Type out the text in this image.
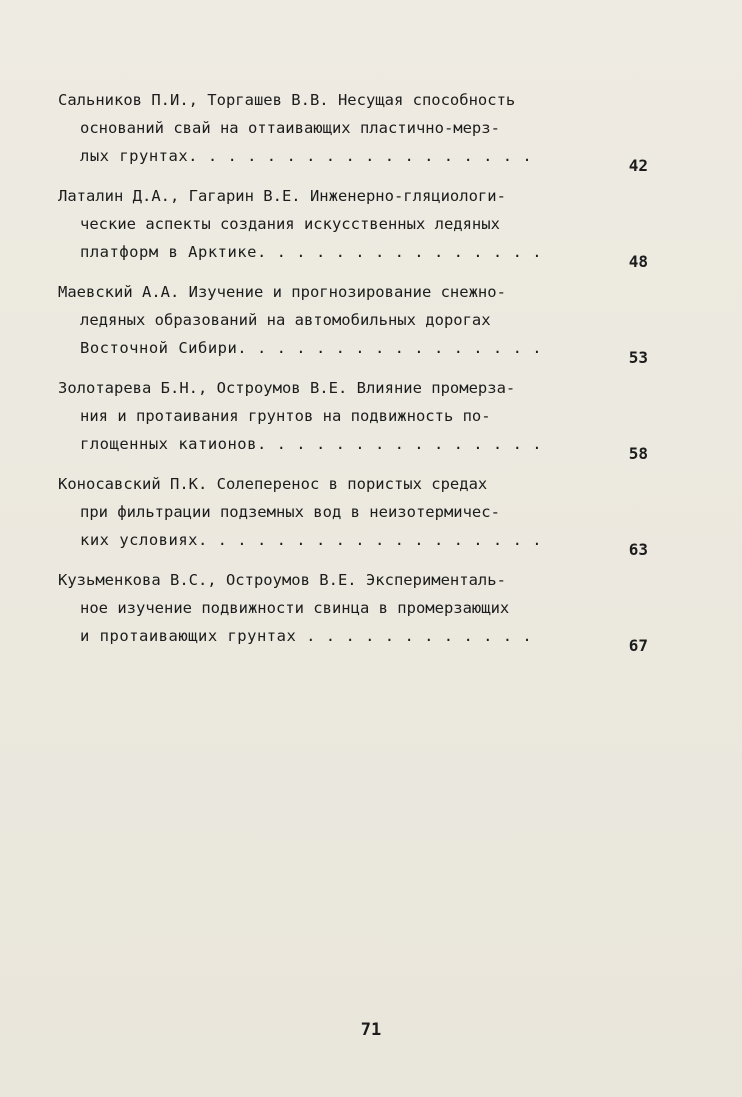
Сальников П.И., Торгашев В.В. Несущая способность
оснований свай на оттаивающих пластично-мерз-
лых грунтах. . . . . . . . . . . . . . . . . .	42
Латалин Д.А., Гагарин В.Е. Инженерно-гляциологи-
ческие аспекты создания искусственных ледяных
платформ в Арктике. . . . . . . . . . . . . . .	48
Маевский А.А. Изучение и прогнозирование снежно-
ледяных образований на автомобильных дорогах
Восточной Сибири. . . . . . . . . . . . . . . .	53
Золотарева Б.Н., Остроумов В.Е. Влияние промерза-
ния и протаивания грунтов на подвижность по-
глощенных катионов. . . . . . . . . . . . . . .	58
Коносавский П.К. Солеперенос в пористых средах
при фильтрации подземных вод в неизотермичес-
ких условиях. . . . . . . . . . . . . . . . . .	63
Кузьменкова В.С., Остроумов В.Е. Эксперименталь-
ное изучение подвижности свинца в промерзающих
и протаивающих грунтах . . . . . . . . . . . .	67
71
